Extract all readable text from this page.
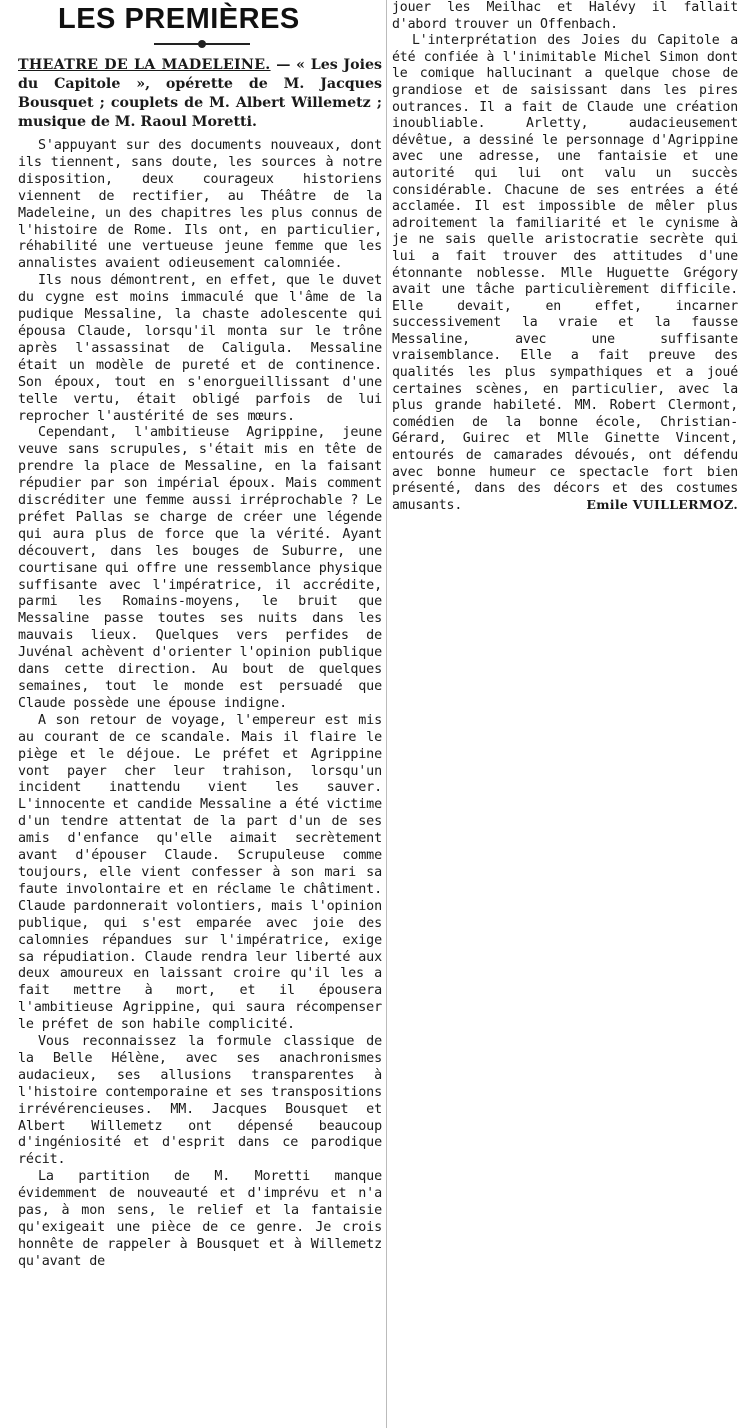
LES PREMIÈRES
THEATRE DE LA MADELEINE. — « Les Joies du Capitole », opérette de M. Jacques Bousquet ; couplets de M. Albert Willemetz ; musique de M. Raoul Moretti.

S'appuyant sur des documents nouveaux, dont ils tiennent, sans doute, les sources à notre disposition, deux courageux historiens viennent de rectifier, au Théâtre de la Madeleine, un des chapitres les plus connus de l'histoire de Rome. Ils ont, en particulier, réhabilité une vertueuse jeune femme que les annalistes avaient odieusement calomniée.

Ils nous démontrent, en effet, que le duvet du cygne est moins immaculé que l'âme de la pudique Messaline, la chaste adolescente qui épousa Claude, lorsqu'il monta sur le trône après l'assassinat de Caligula. Messaline était un modèle de pureté et de continence. Son époux, tout en s'enorgueillissant d'une telle vertu, était obligé parfois de lui reprocher l'austérité de ses mœurs.

Cependant, l'ambitieuse Agrippine, jeune veuve sans scrupules, s'était mis en tête de prendre la place de Messaline, en la faisant répudier par son impérial époux. Mais comment discréditer une femme aussi irréprochable ? Le préfet Pallas se charge de créer une légende qui aura plus de force que la vérité. Ayant découvert, dans les bouges de Suburre, une courtisane qui offre une ressemblance physique suffisante avec l'impératrice, il accrédite, parmi les Romains-moyens, le bruit que Messaline passe toutes ses nuits dans les mauvais lieux. Quelques vers perfides de Juvénal achèvent d'orienter l'opinion publique dans cette direction. Au bout de quelques semaines, tout le monde est persuadé que Claude possède une épouse indigne.

A son retour de voyage, l'empereur est mis au courant de ce scandale. Mais il flaire le piège et le déjoue. Le préfet et Agrippine vont payer cher leur trahison, lorsqu'un incident inattendu vient les sauver. L'innocente et candide Messaline a été victime d'un tendre attentat de la part d'un de ses amis d'enfance qu'elle aimait secrètement avant d'épouser Claude. Scrupuleuse comme toujours, elle vient confesser à son mari sa faute involontaire et en réclame le châtiment. Claude pardonnerait volontiers, mais l'opinion publique, qui s'est emparée avec joie des calomnies répandues sur l'impératrice, exige sa répudiation. Claude rendra leur liberté aux deux amoureux en laissant croire qu'il les a fait mettre à mort, et il épousera l'ambitieuse Agrippine, qui saura récompenser le préfet de son habile complicité.

Vous reconnaissez la formule classique de la Belle Hélène, avec ses anachronismes audacieux, ses allusions transparentes à l'histoire contemporaine et ses transpositions irrévérencieuses. MM. Jacques Bousquet et Albert Willemetz ont dépensé beaucoup d'ingéniosité et d'esprit dans ce parodique récit.

La partition de M. Moretti manque évidemment de nouveauté et d'imprévu et n'a pas, à mon sens, le relief et la fantaisie qu'exigeait une pièce de ce genre. Je crois honnête de rappeler à Bousquet et à Willemetz qu'avant de

jouer les Meilhac et Halévy il fallait d'abord trouver un Offenbach.

L'interprétation des Joies du Capitole a été confiée à l'inimitable Michel Simon dont le comique hallucinant a quelque chose de grandiose et de saisissant dans les pires outrances. Il a fait de Claude une création inoubliable. Arletty, audacieusement dévêtue, a dessiné le personnage d'Agrippine avec une adresse, une fantaisie et une autorité qui lui ont valu un succès considérable. Chacune de ses entrées a été acclamée. Il est impossible de mêler plus adroitement la familiarité et le cynisme à je ne sais quelle aristocratie secrète qui lui a fait trouver des attitudes d'une étonnante noblesse. Mlle Huguette Grégory avait une tâche particulièrement difficile. Elle devait, en effet, incarner successivement la vraie et la fausse Messaline, avec une suffisante vraisemblance. Elle a fait preuve des qualités les plus sympathiques et a joué certaines scènes, en particulier, avec la plus grande habileté. MM. Robert Clermont, comédien de la bonne école, Christian-Gérard, Guirec et Mlle Ginette Vincent, entourés de camarades dévoués, ont défendu avec bonne humeur ce spectacle fort bien présenté, dans des décors et des costumes amusants.	Emile VUILLERMOZ.
